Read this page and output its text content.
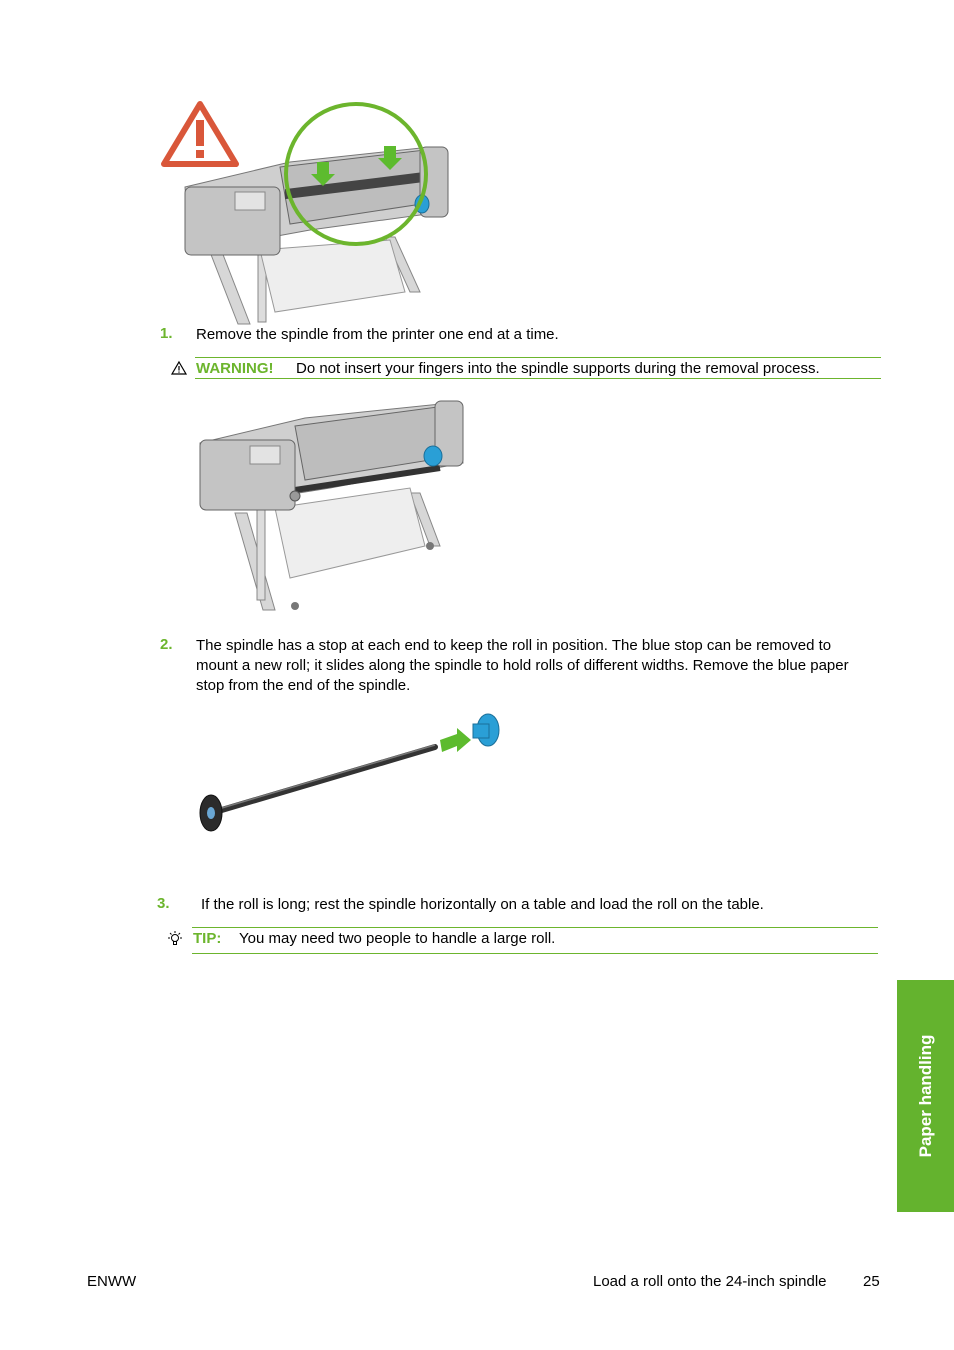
1. Remove the spindle from the printer one end at a time.
WARNING! Do not insert your fingers into the spindle supports during the removal process.
2. The spindle has a stop at each end to keep the roll in position. The blue stop can be removed to
mount a new roll; it slides along the spindle to hold rolls of different widths. Remove the blue paper
stop from the end of the spindle.
3. If the roll is long; rest the spindle horizontally on a table and load the roll on the table.
TIP: You may need two people to handle a large roll.
Paper handling
ENWW	Load a roll onto the 24-inch spindle 25
